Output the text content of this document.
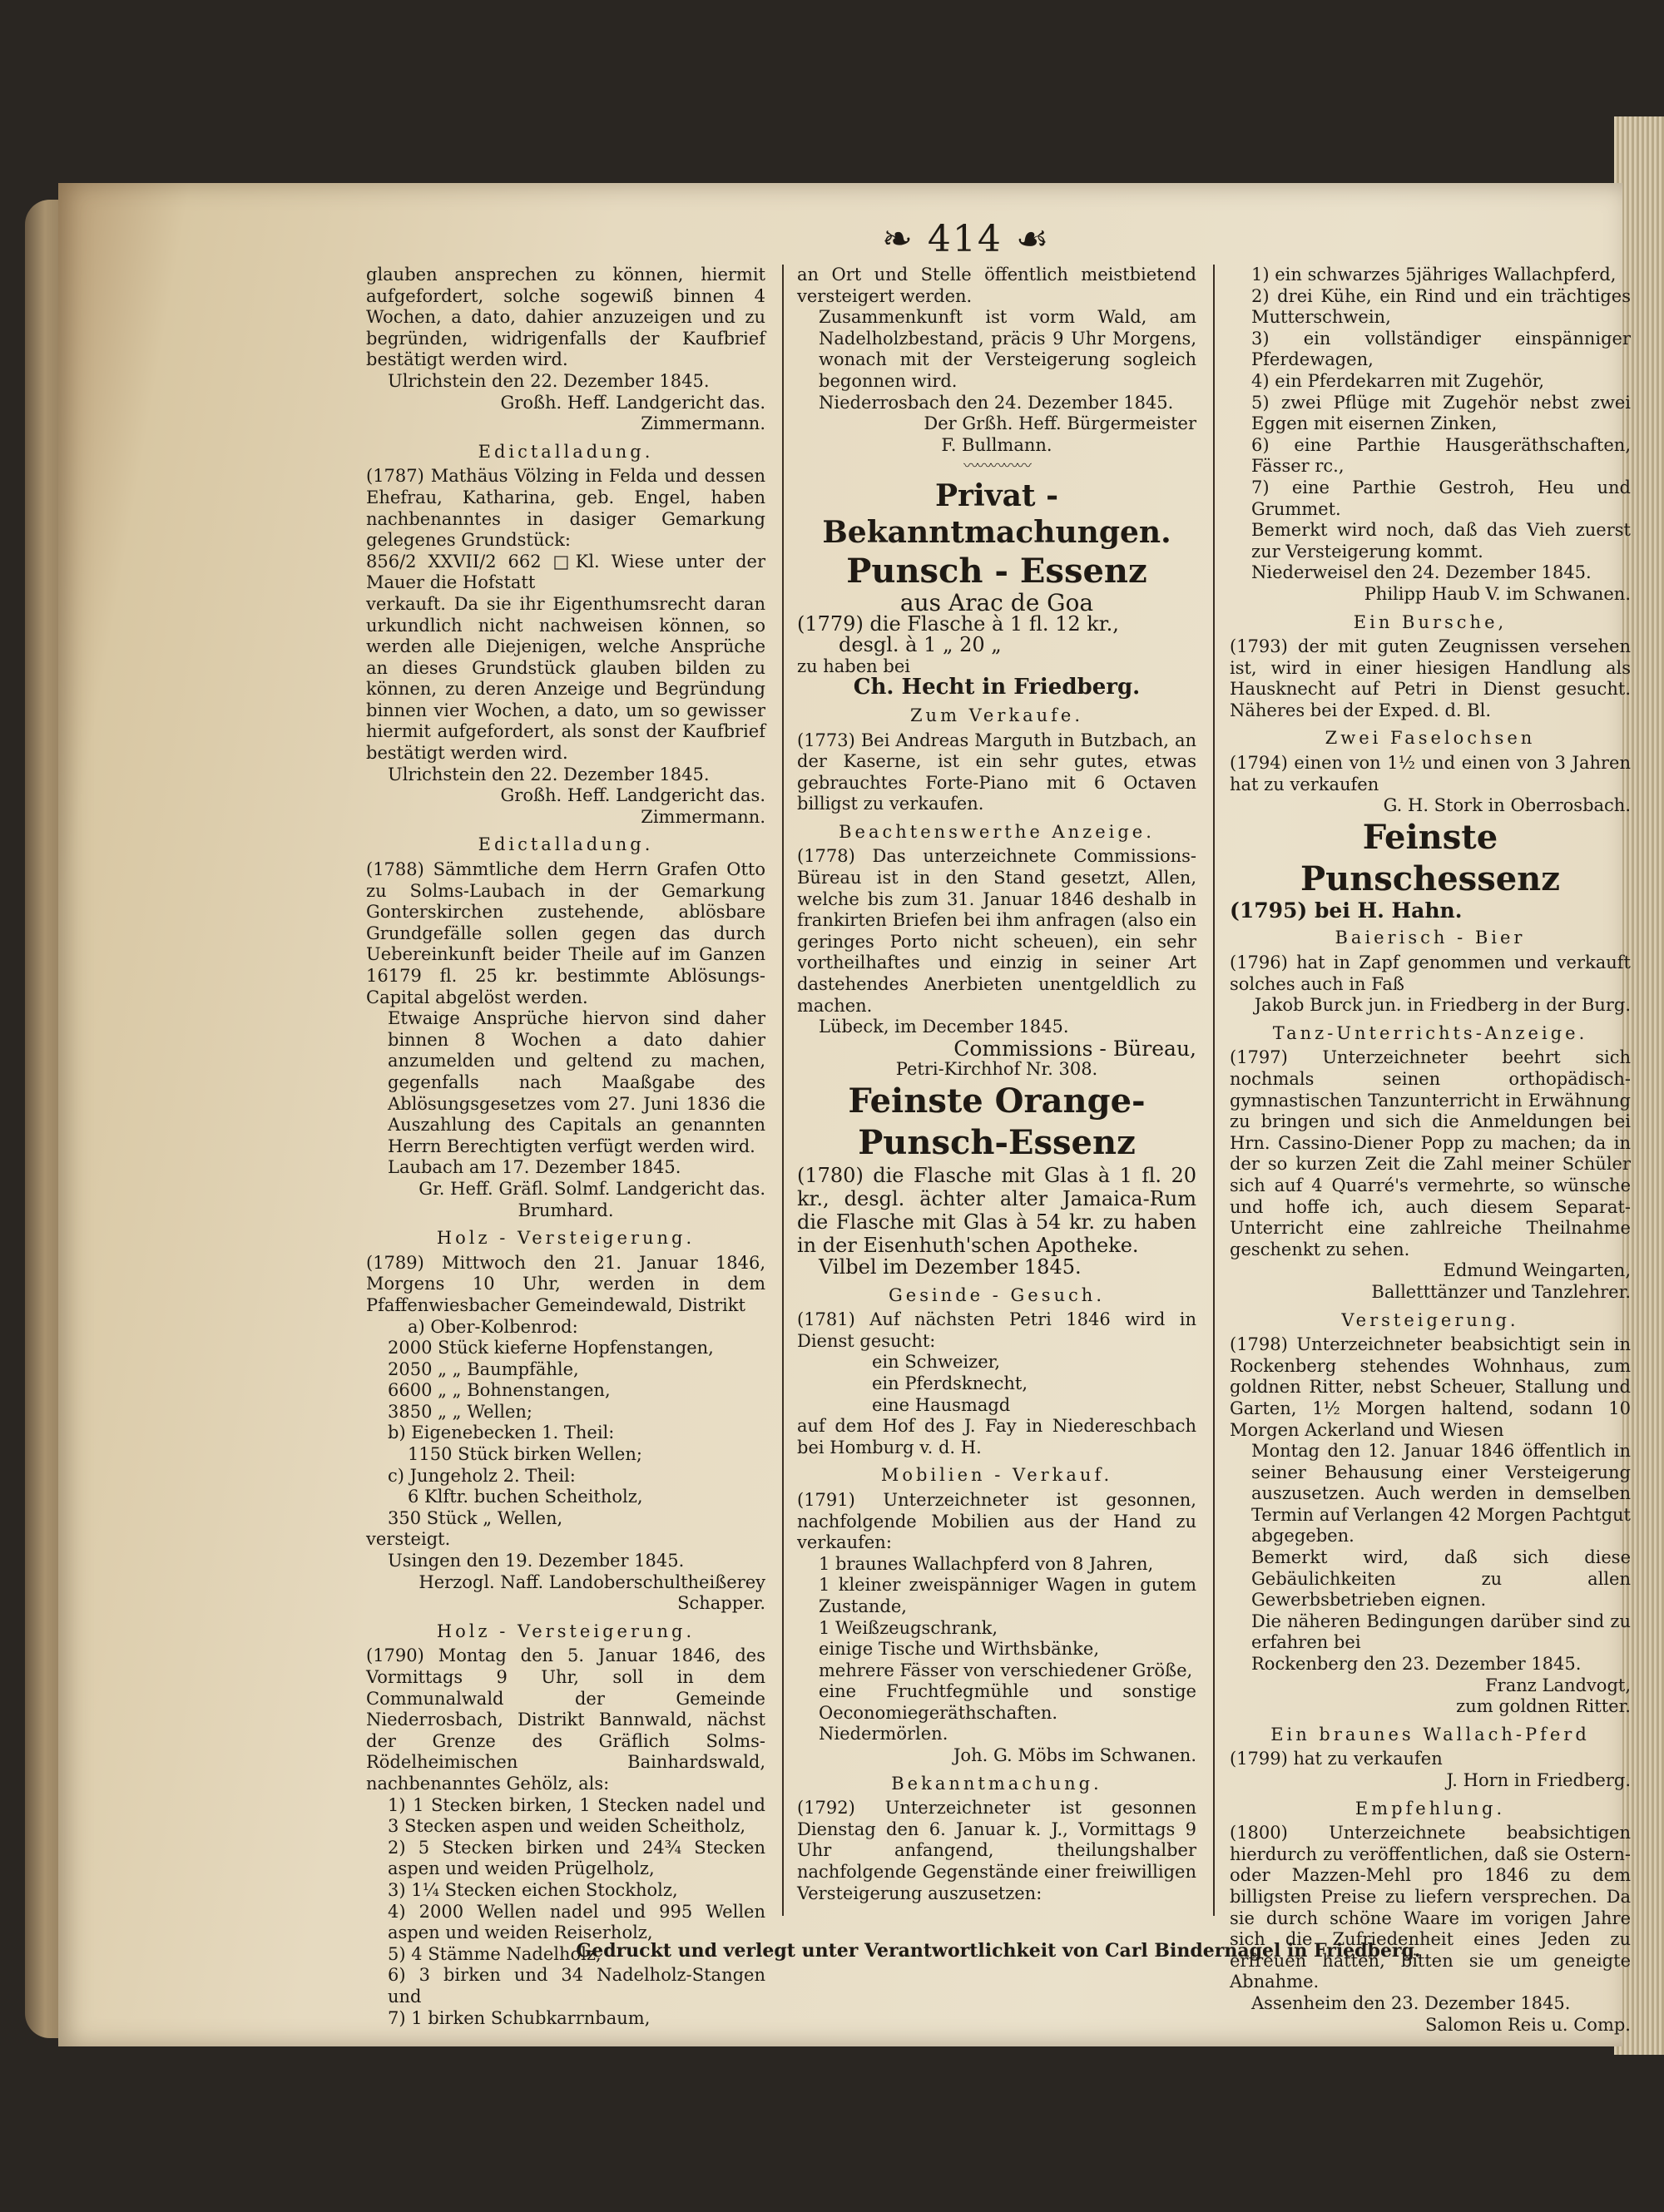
❧ 414 ☙

glauben ansprechen zu können, hiermit aufgefordert, solche sogewiß binnen 4 Wochen, a dato, dahier anzuzeigen und zu begründen, widrigenfalls der Kaufbrief bestätigt werden wird.

Ulrichstein den 22. Dezember 1845.

Großh. Heff. Landgericht das.

Zimmermann.

Edictalladung.

(1787) Mathäus Völzing in Felda und dessen Ehefrau, Katharina, geb. Engel, haben nachbenanntes in dasiger Gemarkung gelegenes Grundstück:

856/2 XXVII/2 662 □Kl. Wiese unter der Mauer die Hofstatt

verkauft. Da sie ihr Eigenthumsrecht daran urkundlich nicht nachweisen können, so werden alle Diejenigen, welche Ansprüche an dieses Grundstück glauben bilden zu können, zu deren Anzeige und Begründung binnen vier Wochen, a dato, um so gewisser hiermit aufgefordert, als sonst der Kaufbrief bestätigt werden wird.

Ulrichstein den 22. Dezember 1845.

Großh. Heff. Landgericht das.

Zimmermann.

Edictalladung.

(1788) Sämmtliche dem Herrn Grafen Otto zu Solms-Laubach in der Gemarkung Gonterskirchen zustehende, ablösbare Grundgefälle sollen gegen das durch Uebereinkunft beider Theile auf im Ganzen 16179 fl. 25 kr. bestimmte Ablösungs-Capital abgelöst werden.

Etwaige Ansprüche hiervon sind daher binnen 8 Wochen a dato dahier anzumelden und geltend zu machen, gegenfalls nach Maaßgabe des Ablösungsgesetzes vom 27. Juni 1836 die Auszahlung des Capitals an genannten Herrn Berechtigten verfügt werden wird.

Laubach am 17. Dezember 1845.

Gr. Heff. Gräfl. Solmf. Landgericht das.

Brumhard.

Holz - Versteigerung.

(1789) Mittwoch den 21. Januar 1846, Morgens 10 Uhr, werden in dem Pfaffenwiesbacher Gemeindewald, Distrikt

a) Ober-Kolbenrod:

2000 Stück kieferne Hopfenstangen,

2050 „ „ Baumpfähle,

6600 „ „ Bohnenstangen,

3850 „ „ Wellen;

b) Eigenebecken 1. Theil:

1150 Stück birken Wellen;

c) Jungeholz 2. Theil:

6 Klftr. buchen Scheitholz,

350 Stück „ Wellen,

versteigt.

Usingen den 19. Dezember 1845.

Herzogl. Naff. Landoberschultheißerey

Schapper.

Holz - Versteigerung.

(1790) Montag den 5. Januar 1846, des Vormittags 9 Uhr, soll in dem Communalwald der Gemeinde Niederrosbach, Distrikt Bannwald, nächst der Grenze des Gräflich Solms-Rödelheimischen Bainhardswald, nachbenanntes Gehölz, als:

1) 1 Stecken birken, 1 Stecken nadel und 3 Stecken aspen und weiden Scheitholz,

2) 5 Stecken birken und 24¾ Stecken aspen und weiden Prügelholz,

3) 1¼ Stecken eichen Stockholz,

4) 2000 Wellen nadel und 995 Wellen aspen und weiden Reiserholz,

5) 4 Stämme Nadelholz,

6) 3 birken und 34 Nadelholz-Stangen und

7) 1 birken Schubkarrnbaum,

an Ort und Stelle öffentlich meistbietend versteigert werden.

Zusammenkunft ist vorm Wald, am Nadelholzbestand, präcis 9 Uhr Morgens, wonach mit der Versteigerung sogleich begonnen wird.

Niederrosbach den 24. Dezember 1845.

Der Grßh. Heff. Bürgermeister

F. Bullmann.

〰〰〰〰〰

Privat - Bekanntmachungen.

Punsch - Essenz

aus Arac de Goa

(1779) die Flasche à 1 fl. 12 kr.,

desgl. à 1 „ 20 „

zu haben bei

Ch. Hecht in Friedberg.

Zum Verkaufe.

(1773) Bei Andreas Marguth in Butzbach, an der Kaserne, ist ein sehr gutes, etwas gebrauchtes Forte-Piano mit 6 Octaven billigst zu verkaufen.

Beachtenswerthe Anzeige.

(1778) Das unterzeichnete Commissions-Büreau ist in den Stand gesetzt, Allen, welche bis zum 31. Januar 1846 deshalb in frankirten Briefen bei ihm anfragen (also ein geringes Porto nicht scheuen), ein sehr vortheilhaftes und einzig in seiner Art dastehendes Anerbieten unentgeldlich zu machen.

Lübeck, im December 1845.

Commissions - Büreau,

Petri-Kirchhof Nr. 308.

Feinste Orange-Punsch-Essenz

(1780) die Flasche mit Glas à 1 fl. 20 kr., desgl. ächter alter Jamaica-Rum die Flasche mit Glas à 54 kr. zu haben in der Eisenhuth'schen Apotheke.

Vilbel im Dezember 1845.

Gesinde - Gesuch.

(1781) Auf nächsten Petri 1846 wird in Dienst gesucht:

ein Schweizer,

ein Pferdsknecht,

eine Hausmagd

auf dem Hof des J. Fay in Niedereschbach bei Homburg v. d. H.

Mobilien - Verkauf.

(1791) Unterzeichneter ist gesonnen, nachfolgende Mobilien aus der Hand zu verkaufen:

1 braunes Wallachpferd von 8 Jahren,

1 kleiner zweispänniger Wagen in gutem Zustande,

1 Weißzeugschrank,

einige Tische und Wirthsbänke,

mehrere Fässer von verschiedener Größe,

eine Fruchtfegmühle und sonstige Oeconomiegeräthschaften.

Niedermörlen.

Joh. G. Möbs im Schwanen.

Bekanntmachung.

(1792) Unterzeichneter ist gesonnen Dienstag den 6. Januar k. J., Vormittags 9 Uhr anfangend, theilungshalber nachfolgende Gegenstände einer freiwilligen Versteigerung auszusetzen:

1) ein schwarzes 5jähriges Wallachpferd,

2) drei Kühe, ein Rind und ein trächtiges Mutterschwein,

3) ein vollständiger einspänniger Pferdewagen,

4) ein Pferdekarren mit Zugehör,

5) zwei Pflüge mit Zugehör nebst zwei Eggen mit eisernen Zinken,

6) eine Parthie Hausgeräthschaften, Fässer rc.,

7) eine Parthie Gestroh, Heu und Grummet.

Bemerkt wird noch, daß das Vieh zuerst zur Versteigerung kommt.

Niederweisel den 24. Dezember 1845.

Philipp Haub V. im Schwanen.

Ein Bursche,

(1793) der mit guten Zeugnissen versehen ist, wird in einer hiesigen Handlung als Hausknecht auf Petri in Dienst gesucht. Näheres bei der Exped. d. Bl.

Zwei Faselochsen

(1794) einen von 1½ und einen von 3 Jahren hat zu verkaufen

G. H. Stork in Oberrosbach.

Feinste Punschessenz

(1795) bei H. Hahn.

Baierisch - Bier

(1796) hat in Zapf genommen und verkauft solches auch in Faß

Jakob Burck jun. in Friedberg in der Burg.

Tanz-Unterrichts-Anzeige.

(1797) Unterzeichneter beehrt sich nochmals seinen orthopädisch-gymnastischen Tanzunterricht in Erwähnung zu bringen und sich die Anmeldungen bei Hrn. Cassino-Diener Popp zu machen; da in der so kurzen Zeit die Zahl meiner Schüler sich auf 4 Quarré's vermehrte, so wünsche und hoffe ich, auch diesem Separat-Unterricht eine zahlreiche Theilnahme geschenkt zu sehen.

Edmund Weingarten,

Balletttänzer und Tanzlehrer.

Versteigerung.

(1798) Unterzeichneter beabsichtigt sein in Rockenberg stehendes Wohnhaus, zum goldnen Ritter, nebst Scheuer, Stallung und Garten, 1½ Morgen haltend, sodann 10 Morgen Ackerland und Wiesen

Montag den 12. Januar 1846 öffentlich in seiner Behausung einer Versteigerung auszusetzen. Auch werden in demselben Termin auf Verlangen 42 Morgen Pachtgut abgegeben.

Bemerkt wird, daß sich diese Gebäulichkeiten zu allen Gewerbsbetrieben eignen.

Die näheren Bedingungen darüber sind zu erfahren bei

Rockenberg den 23. Dezember 1845.

Franz Landvogt,

zum goldnen Ritter.

Ein braunes Wallach-Pferd

(1799) hat zu verkaufen

J. Horn in Friedberg.

Empfehlung.

(1800) Unterzeichnete beabsichtigen hierdurch zu veröffentlichen, daß sie Ostern- oder Mazzen-Mehl pro 1846 zu dem billigsten Preise zu liefern versprechen. Da sie durch schöne Waare im vorigen Jahre sich die Zufriedenheit eines Jeden zu erfreuen hatten, bitten sie um geneigte Abnahme.

Assenheim den 23. Dezember 1845.

Salomon Reis u. Comp.

Gedruckt und verlegt unter Verantwortlichkeit von Carl Bindernagel in Friedberg.
